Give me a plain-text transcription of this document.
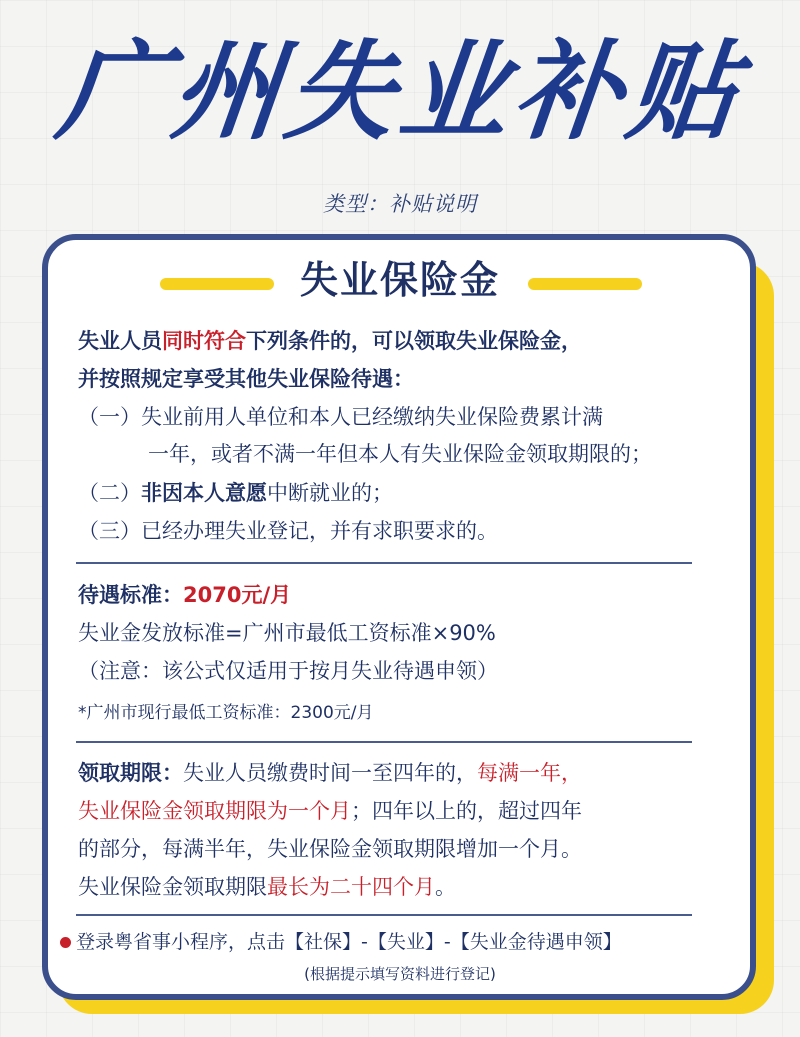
广州失业补贴
类型：补贴说明
失业保险金
失业人员同时符合下列条件的，可以领取失业保险金，
并按照规定享受其他失业保险待遇：
（一）失业前用人单位和本人已经缴纳失业保险费累计满
一年，或者不满一年但本人有失业保险金领取期限的；
（二）非因本人意愿中断就业的；
（三）已经办理失业登记，并有求职要求的。
待遇标准：2070元/月
失业金发放标准=广州市最低工资标准×90%
（注意：该公式仅适用于按月失业待遇申领）
*广州市现行最低工资标准：2300元/月
领取期限：失业人员缴费时间一至四年的，每满一年，
失业保险金领取期限为一个月；四年以上的，超过四年
的部分，每满半年，失业保险金领取期限增加一个月。
失业保险金领取期限最长为二十四个月。
登录粤省事小程序，点击【社保】-【失业】-【失业金待遇申领】
(根据提示填写资料进行登记)
